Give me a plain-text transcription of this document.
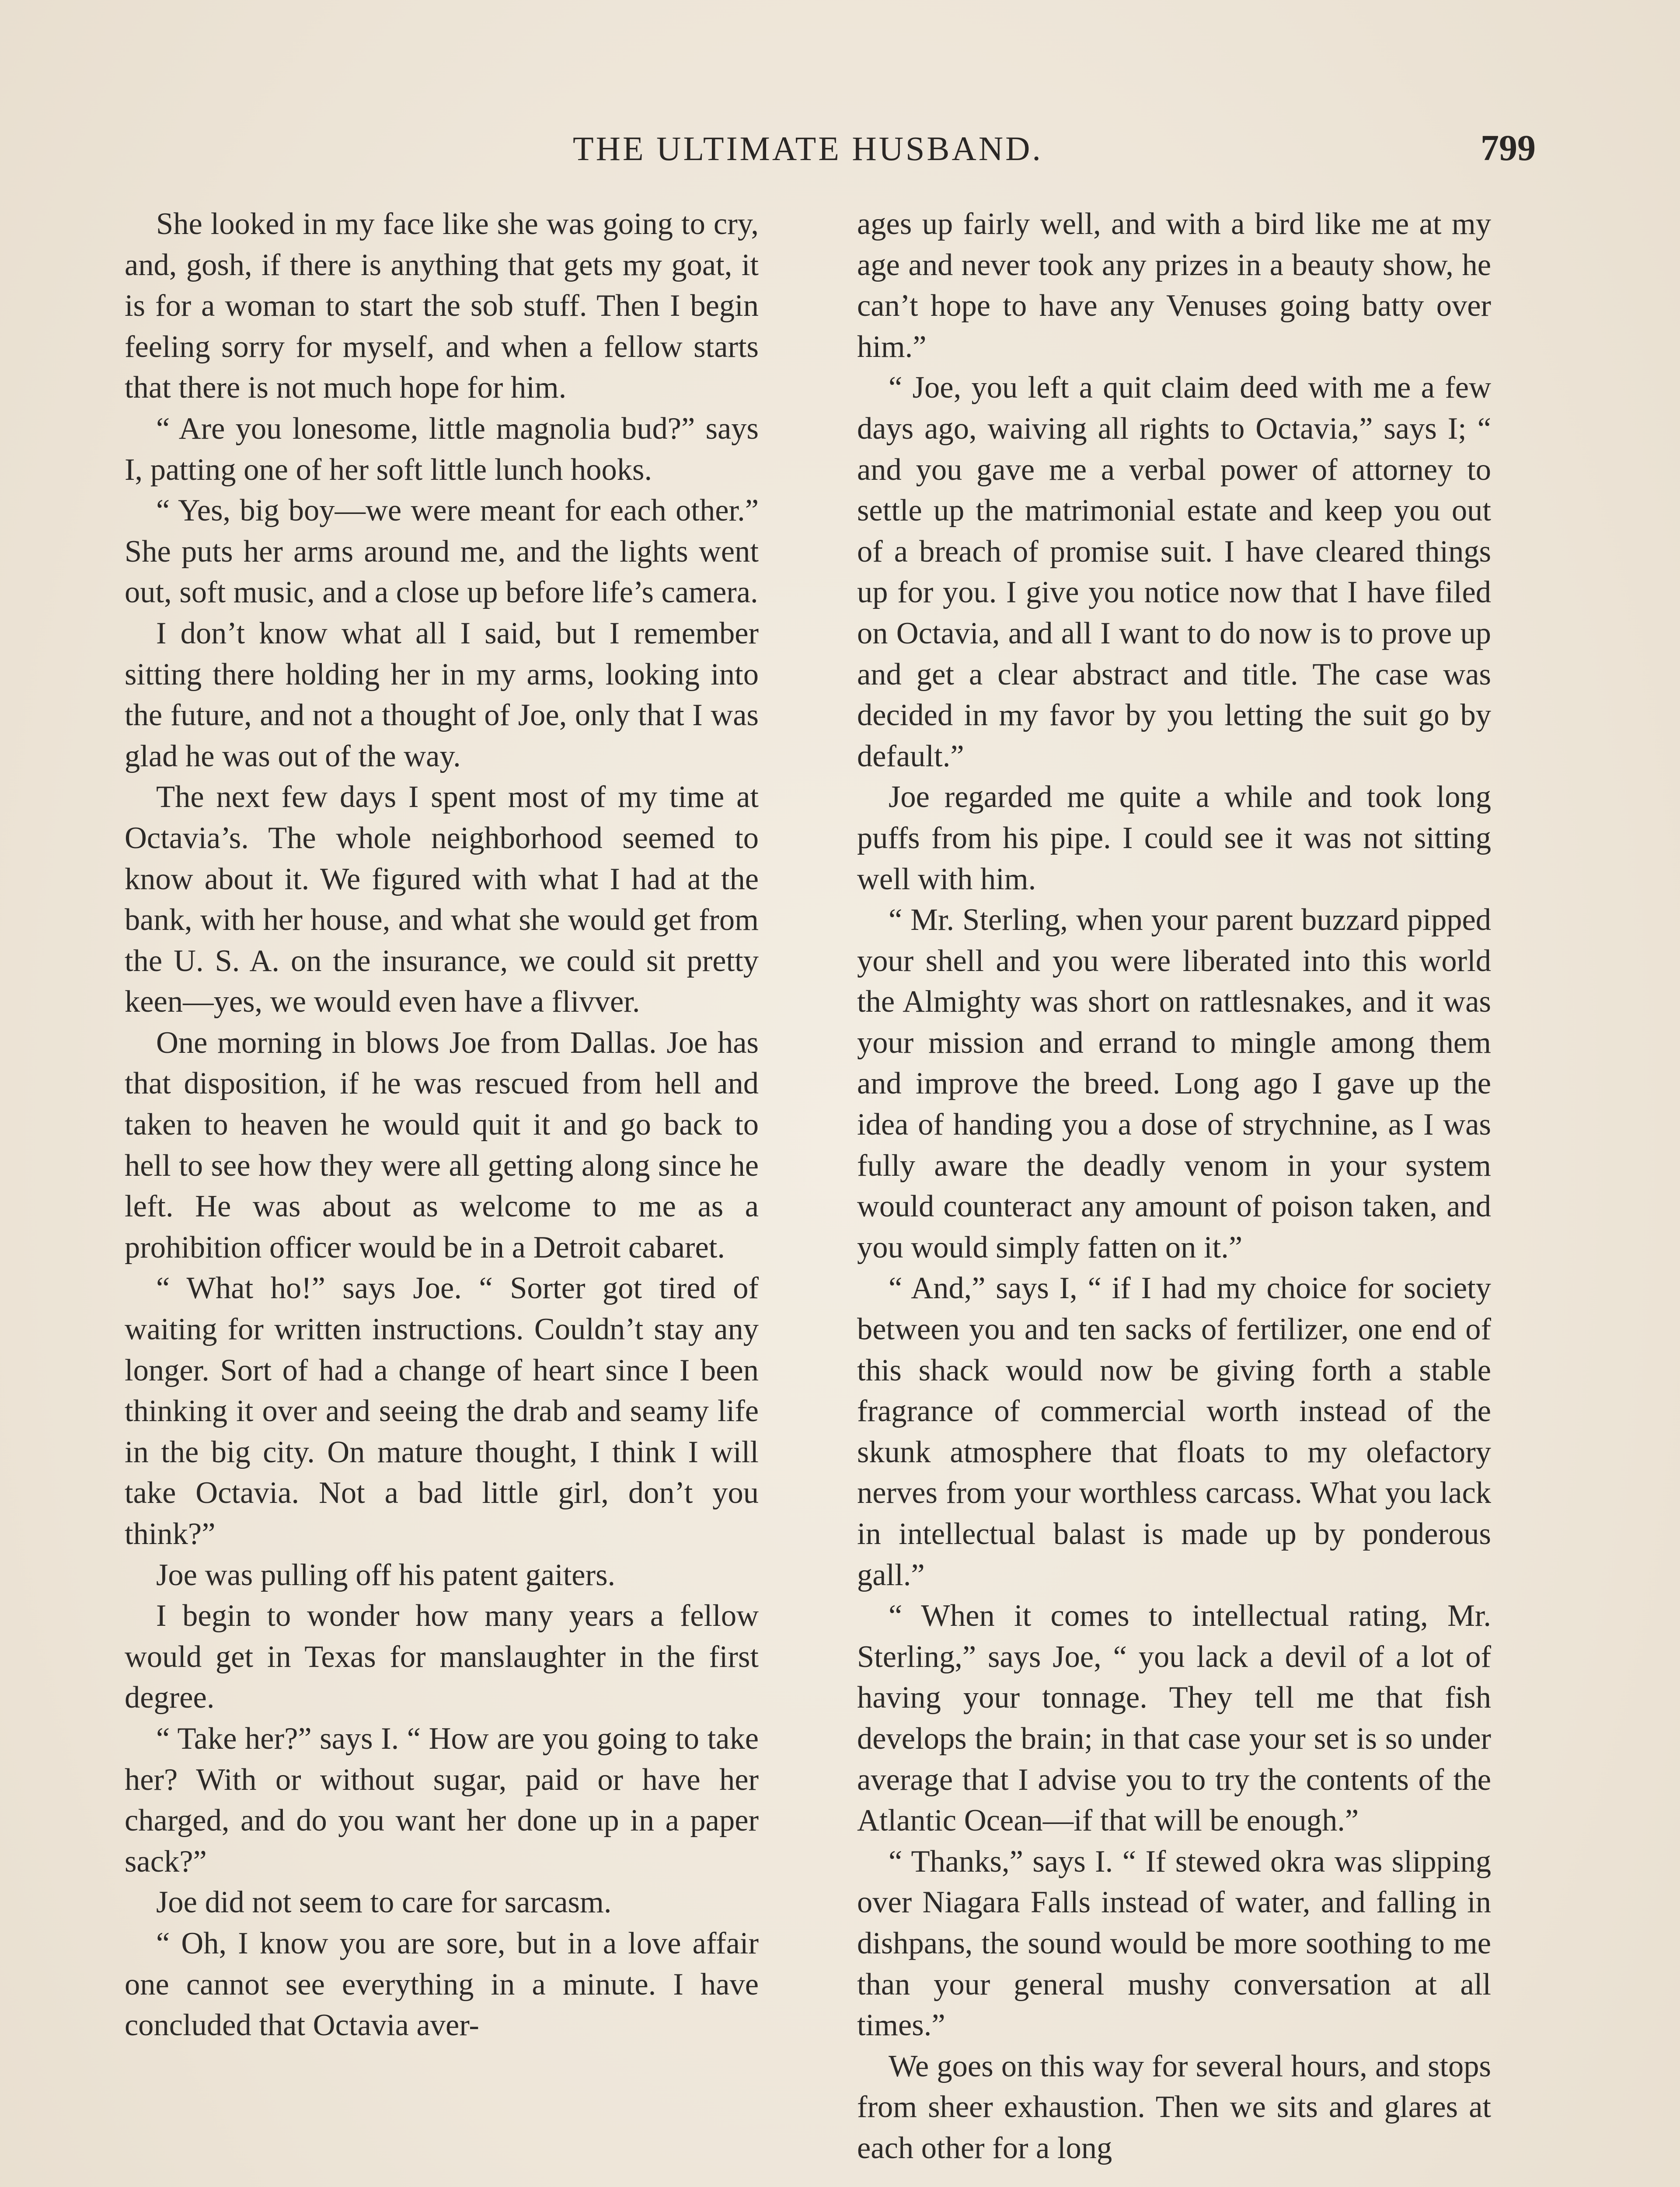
THE ULTIMATE HUSBAND.	799

She looked in my face like she was going to cry, and, gosh, if there is anything that gets my goat, it is for a woman to start the sob stuff. Then I begin feeling sorry for myself, and when a fellow starts that there is not much hope for him.

“ Are you lonesome, little magnolia bud?” says I, patting one of her soft little lunch hooks.

“ Yes, big boy—we were meant for each other.” She puts her arms around me, and the lights went out, soft music, and a close up before life’s camera.

I don’t know what all I said, but I remember sitting there holding her in my arms, looking into the future, and not a thought of Joe, only that I was glad he was out of the way.

The next few days I spent most of my time at Octavia’s. The whole neighborhood seemed to know about it. We figured with what I had at the bank, with her house, and what she would get from the U. S. A. on the insurance, we could sit pretty keen—yes, we would even have a flivver.

One morning in blows Joe from Dallas. Joe has that disposition, if he was rescued from hell and taken to heaven he would quit it and go back to hell to see how they were all getting along since he left. He was about as welcome to me as a prohibition officer would be in a Detroit cabaret.

“ What ho!” says Joe. “ Sorter got tired of waiting for written instructions. Couldn’t stay any longer. Sort of had a change of heart since I been thinking it over and seeing the drab and seamy life in the big city. On mature thought, I think I will take Octavia. Not a bad little girl, don’t you think?”

Joe was pulling off his patent gaiters.

I begin to wonder how many years a fellow would get in Texas for manslaughter in the first degree.

“ Take her?” says I. “ How are you going to take her? With or without sugar, paid or have her charged, and do you want her done up in a paper sack?”

Joe did not seem to care for sarcasm.

“ Oh, I know you are sore, but in a love affair one cannot see everything in a minute. I have concluded that Octavia aver-

ages up fairly well, and with a bird like me at my age and never took any prizes in a beauty show, he can’t hope to have any Venuses going batty over him.”

“ Joe, you left a quit claim deed with me a few days ago, waiving all rights to Octavia,” says I; “ and you gave me a verbal power of attorney to settle up the matrimonial estate and keep you out of a breach of promise suit. I have cleared things up for you. I give you notice now that I have filed on Octavia, and all I want to do now is to prove up and get a clear abstract and title. The case was decided in my favor by you letting the suit go by default.”

Joe regarded me quite a while and took long puffs from his pipe. I could see it was not sitting well with him.

“ Mr. Sterling, when your parent buzzard pipped your shell and you were liberated into this world the Almighty was short on rattlesnakes, and it was your mission and errand to mingle among them and improve the breed. Long ago I gave up the idea of handing you a dose of strychnine, as I was fully aware the deadly venom in your system would counteract any amount of poison taken, and you would simply fatten on it.”

“ And,” says I, “ if I had my choice for society between you and ten sacks of fertilizer, one end of this shack would now be giving forth a stable fragrance of commercial worth instead of the skunk atmosphere that floats to my olefactory nerves from your worthless carcass. What you lack in intellectual balast is made up by ponderous gall.”

“ When it comes to intellectual rating, Mr. Sterling,” says Joe, “ you lack a devil of a lot of having your tonnage. They tell me that fish develops the brain; in that case your set is so under average that I advise you to try the contents of the Atlantic Ocean—if that will be enough.”

“ Thanks,” says I. “ If stewed okra was slipping over Niagara Falls instead of water, and falling in dishpans, the sound would be more soothing to me than your general mushy conversation at all times.”

We goes on this way for several hours, and stops from sheer exhaustion. Then we sits and glares at each other for a long
